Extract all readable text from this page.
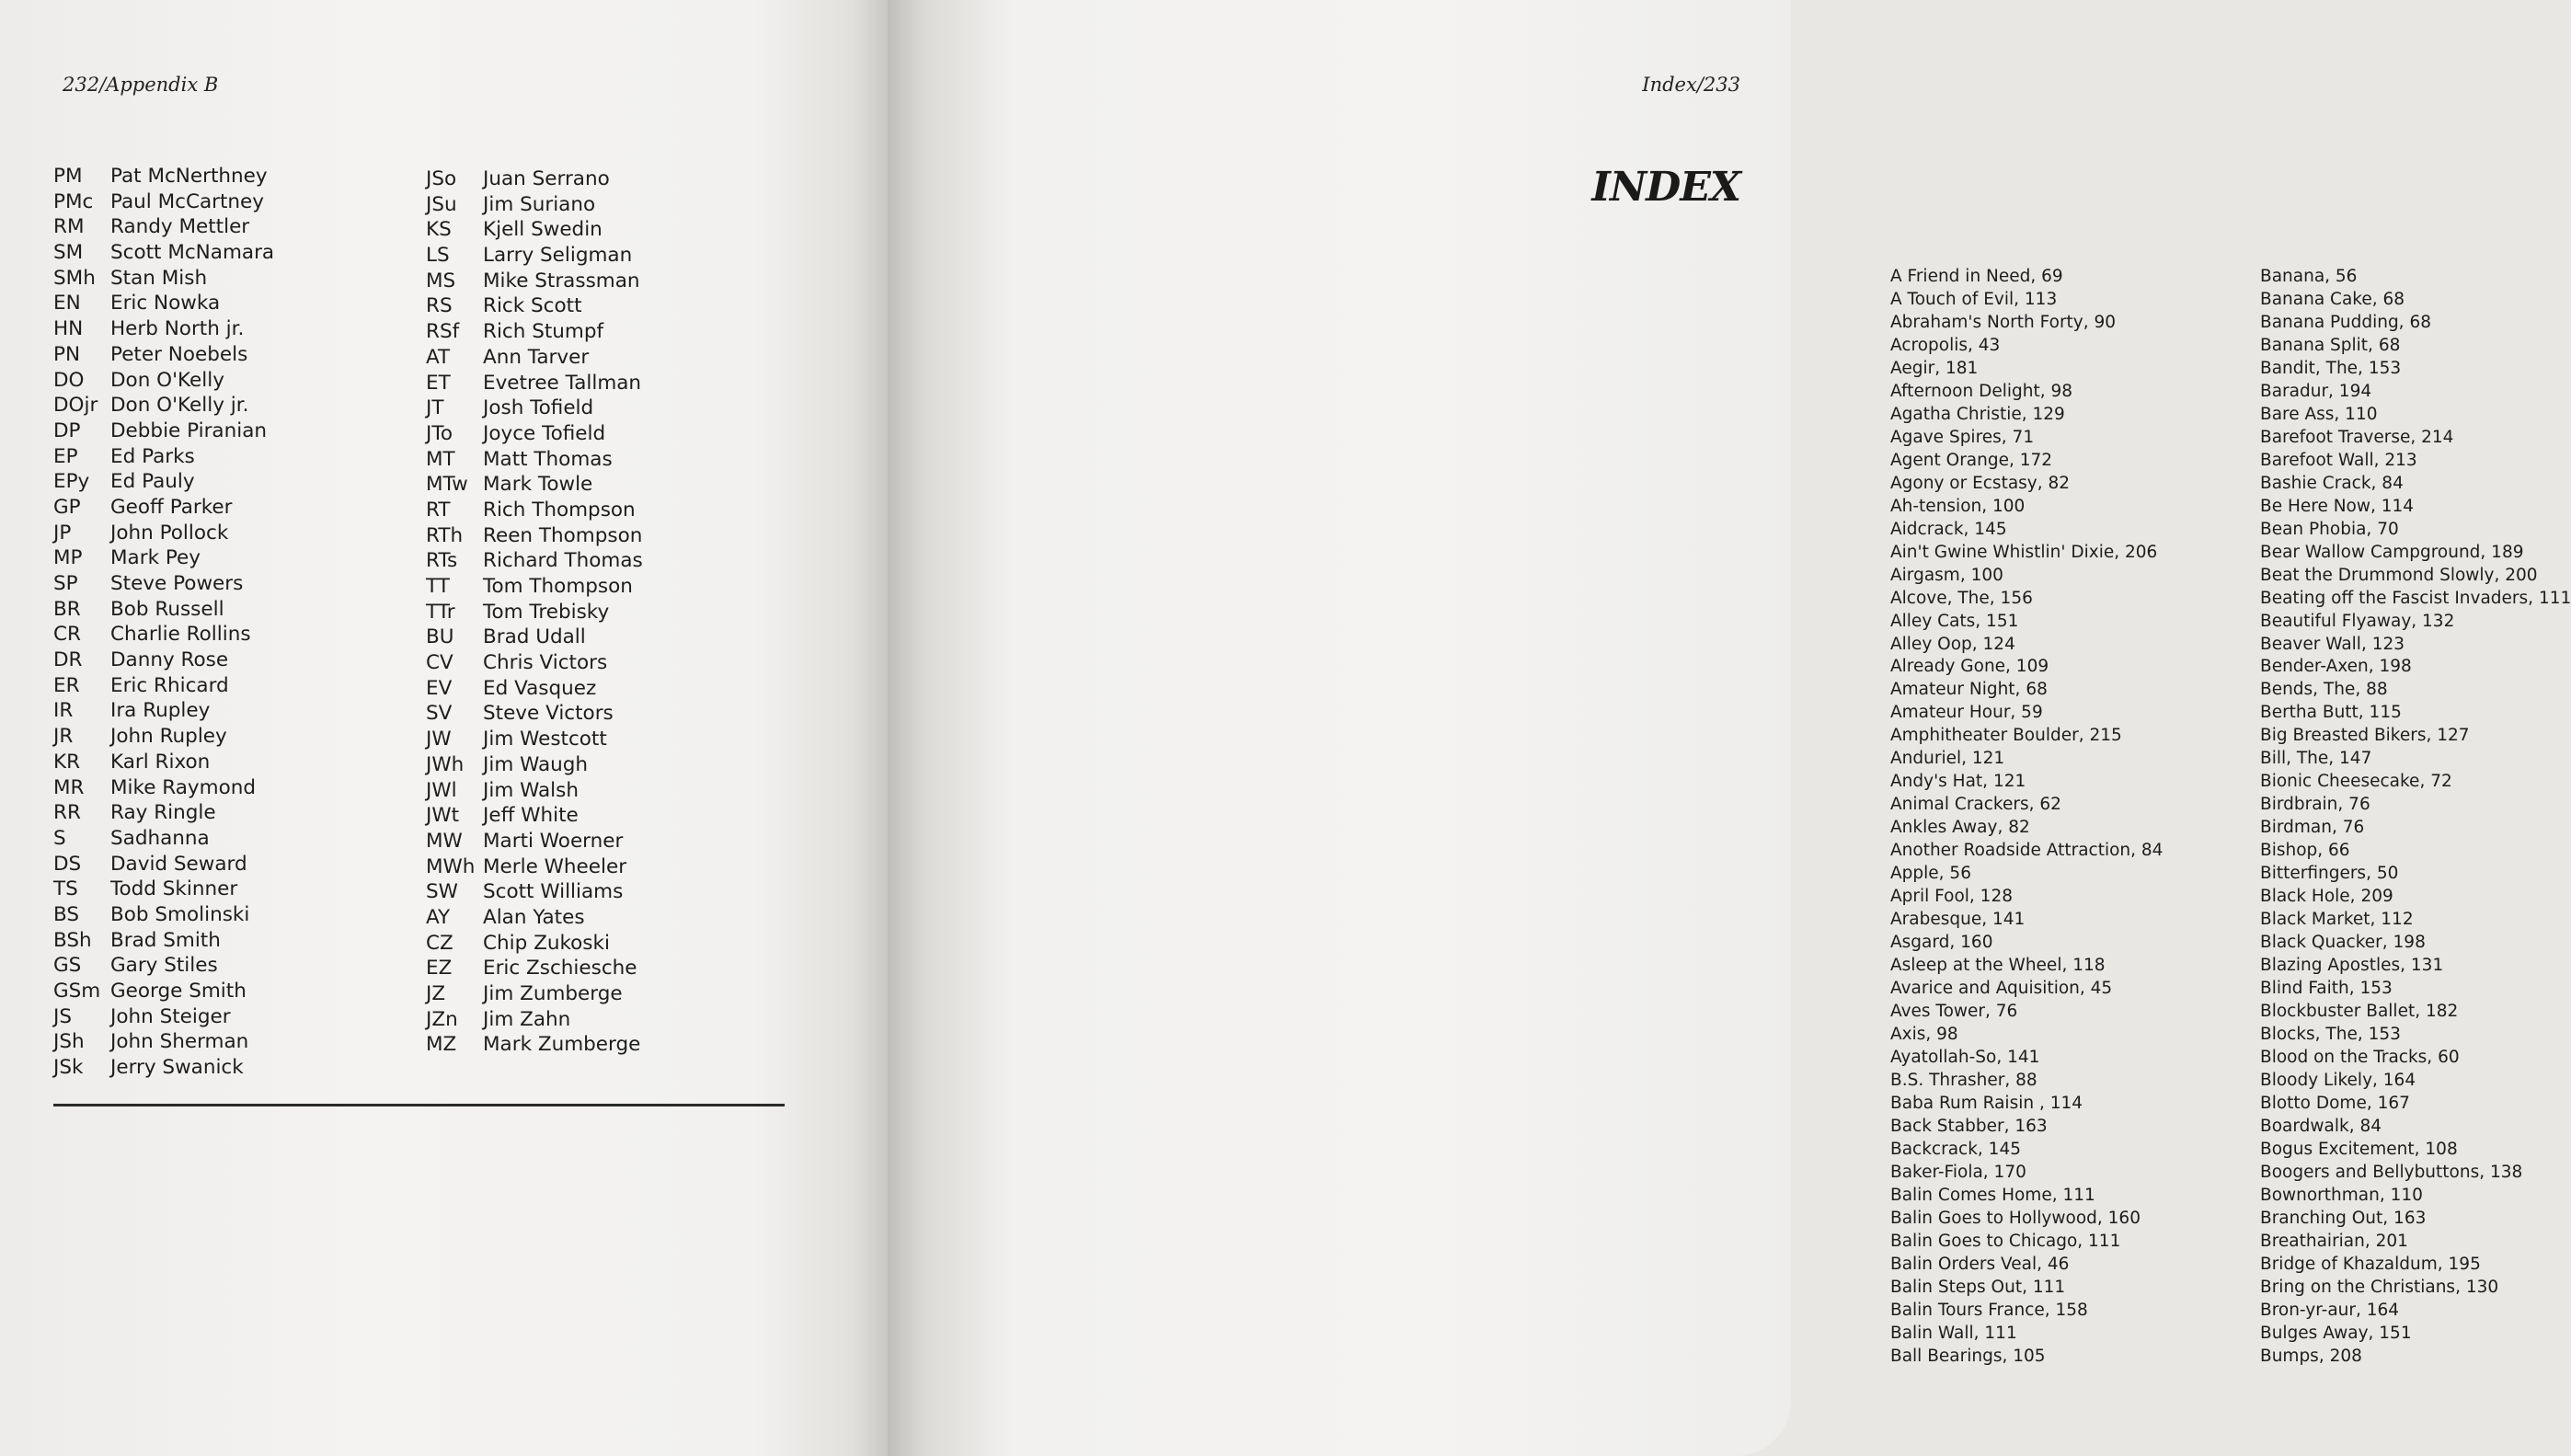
232/Appendix B
PM	Pat McNerthney
PMc Paul McCartney
RM	Randy Mettler
SM	Scott McNamara
SMh Stan Mish
EN	Eric Nowka
HN	Herb North jr.
PN	Peter Noebels
DO	Don O'Kelly
DOjr Don O'Kelly jr.
DP	Debbie Piranian
EP	Ed Parks
EPy	Ed Pauly
GP	Geoff Parker
JP	John Pollock
MP	Mark Pey
SP	Steve Powers
BR	Bob Russell
CR	Charlie Rollins
DR	Danny Rose
ER	Eric Rhicard
IR	Ira Rupley
JR	John Rupley
KR	Karl Rixon
MR	Mike Raymond
RR	Ray Ringle
S	Sadhanna
DS	David Seward
TS	Todd Skinner
BS	Bob Smolinski
BSh Brad Smith
GS	Gary Stiles
GSm George Smith
JS	John Steiger
JSh	John Sherman
JSk	Jerry Swanick
JSo	Juan Serrano
JSu	Jim Suriano
KS	Kjell Swedin
LS	Larry Seligman
MS	Mike Strassman
RS	Rick Scott
RSf	Rich Stumpf
AT	Ann Tarver
ET	Evetree Tallman
JT	Josh Tofield
JTo	Joyce Tofield
MT	Matt Thomas
MTw Mark Towle
RT	Rich Thompson
RTh	Reen Thompson
RTs	Richard Thomas
TT	Tom Thompson
TTr	Tom Trebisky
BU	Brad Udall
CV	Chris Victors
EV	Ed Vasquez
SV	Steve Victors
JW	Jim Westcott
JWh Jim Waugh
JWl	Jim Walsh
JWt	Jeff White
MW	Marti Woerner
MWh Merle Wheeler
SW	Scott Williams
AY	Alan Yates
CZ	Chip Zukoski
EZ	Eric Zschiesche
JZ	Jim Zumberge
JZn	Jim Zahn
MZ	Mark Zumberge
Index/233
INDEX
A Friend in Need, 69
A Touch of Evil, 113
Abraham's North Forty, 90
Acropolis, 43
Aegir, 181
Afternoon Delight, 98
Agatha Christie, 129
Agave Spires, 71
Agent Orange, 172
Agony or Ecstasy, 82
Ah-tension, 100
Aidcrack, 145
Ain't Gwine Whistlin' Dixie, 206
Airgasm, 100
Alcove, The, 156
Alley Cats, 151
Alley Oop, 124
Already Gone, 109
Amateur Night, 68
Amateur Hour, 59
Amphitheater Boulder, 215
Anduriel, 121
Andy's Hat, 121
Animal Crackers, 62
Ankles Away, 82
Another Roadside Attraction, 84
Apple, 56
April Fool, 128
Arabesque, 141
Asgard, 160
Asleep at the Wheel, 118
Avarice and Aquisition, 45
Aves Tower, 76
Axis, 98
Ayatollah-So, 141
B.S. Thrasher, 88
Baba Rum Raisin , 114
Back Stabber, 163
Backcrack, 145
Baker-Fiola, 170
Balin Comes Home, 111
Balin Goes to Hollywood, 160
Balin Goes to Chicago, 111
Balin Orders Veal, 46
Balin Steps Out, 111
Balin Tours France, 158
Balin Wall, 111
Ball Bearings, 105
Banana, 56
Banana Cake, 68
Banana Pudding, 68
Banana Split, 68
Bandit, The, 153
Baradur, 194
Bare Ass, 110
Barefoot Traverse, 214
Barefoot Wall, 213
Bashie Crack, 84
Be Here Now, 114
Bean Phobia, 70
Bear Wallow Campground, 189
Beat the Drummond Slowly, 200
Beating off the Fascist Invaders, 111
Beautiful Flyaway, 132
Beaver Wall, 123
Bender-Axen, 198
Bends, The, 88
Bertha Butt, 115
Big Breasted Bikers, 127
Bill, The, 147
Bionic Cheesecake, 72
Birdbrain, 76
Birdman, 76
Bishop, 66
Bitterfingers, 50
Black Hole, 209
Black Market, 112
Black Quacker, 198
Blazing Apostles, 131
Blind Faith, 153
Blockbuster Ballet, 182
Blocks, The, 153
Blood on the Tracks, 60
Bloody Likely, 164
Blotto Dome, 167
Boardwalk, 84
Bogus Excitement, 108
Boogers and Bellybuttons, 138
Bownorthman, 110
Branching Out, 163
Breathairian, 201
Bridge of Khazaldum, 195
Bring on the Christians, 130
Bron-yr-aur, 164
Bulges Away, 151
Bumps, 208
